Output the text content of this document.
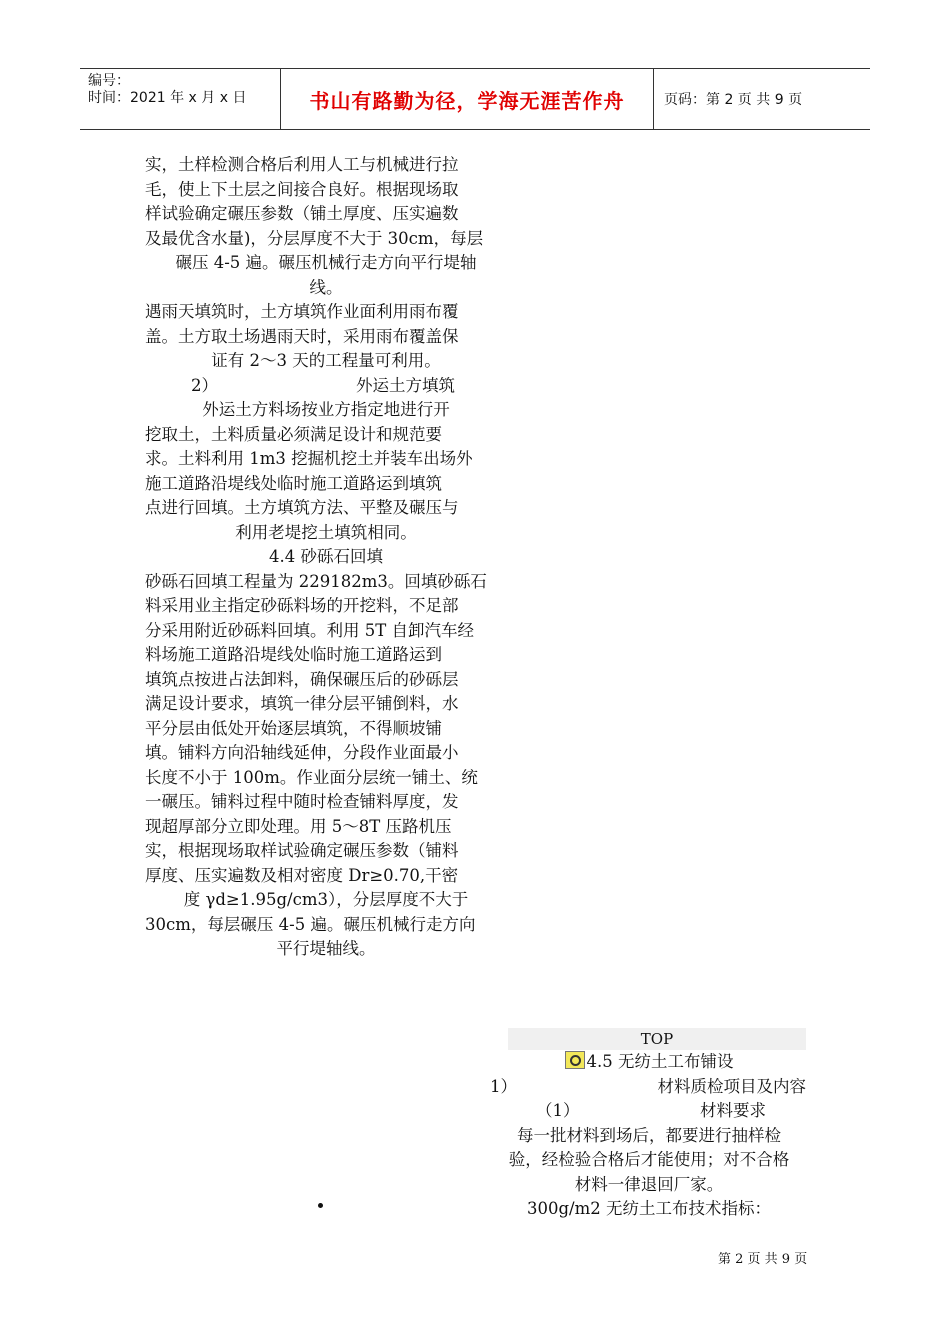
编号：
时间：2021 年 x 月 x 日	书山有路勤为径，学海无涯苦作舟	页码：第 2 页 共 9 页

实，土样检测合格后利用人工与机械进行拉

毛，使上下土层之间接合良好。根据现场取

样试验确定碾压参数（铺土厚度、压实遍数

及最优含水量)，分层厚度不大于 30cm，每层

碾压 4-5 遍。碾压机械行走方向平行堤轴

线。

遇雨天填筑时，土方填筑作业面利用雨布覆

盖。土方取土场遇雨天时，采用雨布覆盖保

证有 2～3 天的工程量可利用。

2）	外运土方填筑

外运土方料场按业方指定地进行开

挖取土，土料质量必须满足设计和规范要

求。土料利用 1m3 挖掘机挖土并装车出场外

施工道路沿堤线处临时施工道路运到填筑

点进行回填。土方填筑方法、平整及碾压与

利用老堤挖土填筑相同。

4.4 砂砾石回填

砂砾石回填工程量为 229182m3。回填砂砾石

料采用业主指定砂砾料场的开挖料，不足部

分采用附近砂砾料回填。利用 5T 自卸汽车经

料场施工道路沿堤线处临时施工道路运到

填筑点按进占法卸料，确保碾压后的砂砾层

满足设计要求，填筑一律分层平铺倒料，水

平分层由低处开始逐层填筑，不得顺坡铺

填。铺料方向沿轴线延伸，分段作业面最小

长度不小于 100m。作业面分层统一铺土、统

一碾压。铺料过程中随时检查铺料厚度，发

现超厚部分立即处理。用 5～8T 压路机压

实，根据现场取样试验确定碾压参数（铺料

厚度、压实遍数及相对密度 Dr≥0.70,干密

度 γd≥1.95g/cm3），分层厚度不大于

30cm，每层碾压 4-5 遍。碾压机械行走方向

平行堤轴线。

TOP
4.5 无纺土工布铺设
1）	材料质检项目及内容
（1）	材料要求

每一批材料到场后，都要进行抽样检

验，经检验合格后才能使用；对不合格

材料一律退回厂家。

300g/m2 无纺土工布技术指标：

第 2 页 共 9 页
